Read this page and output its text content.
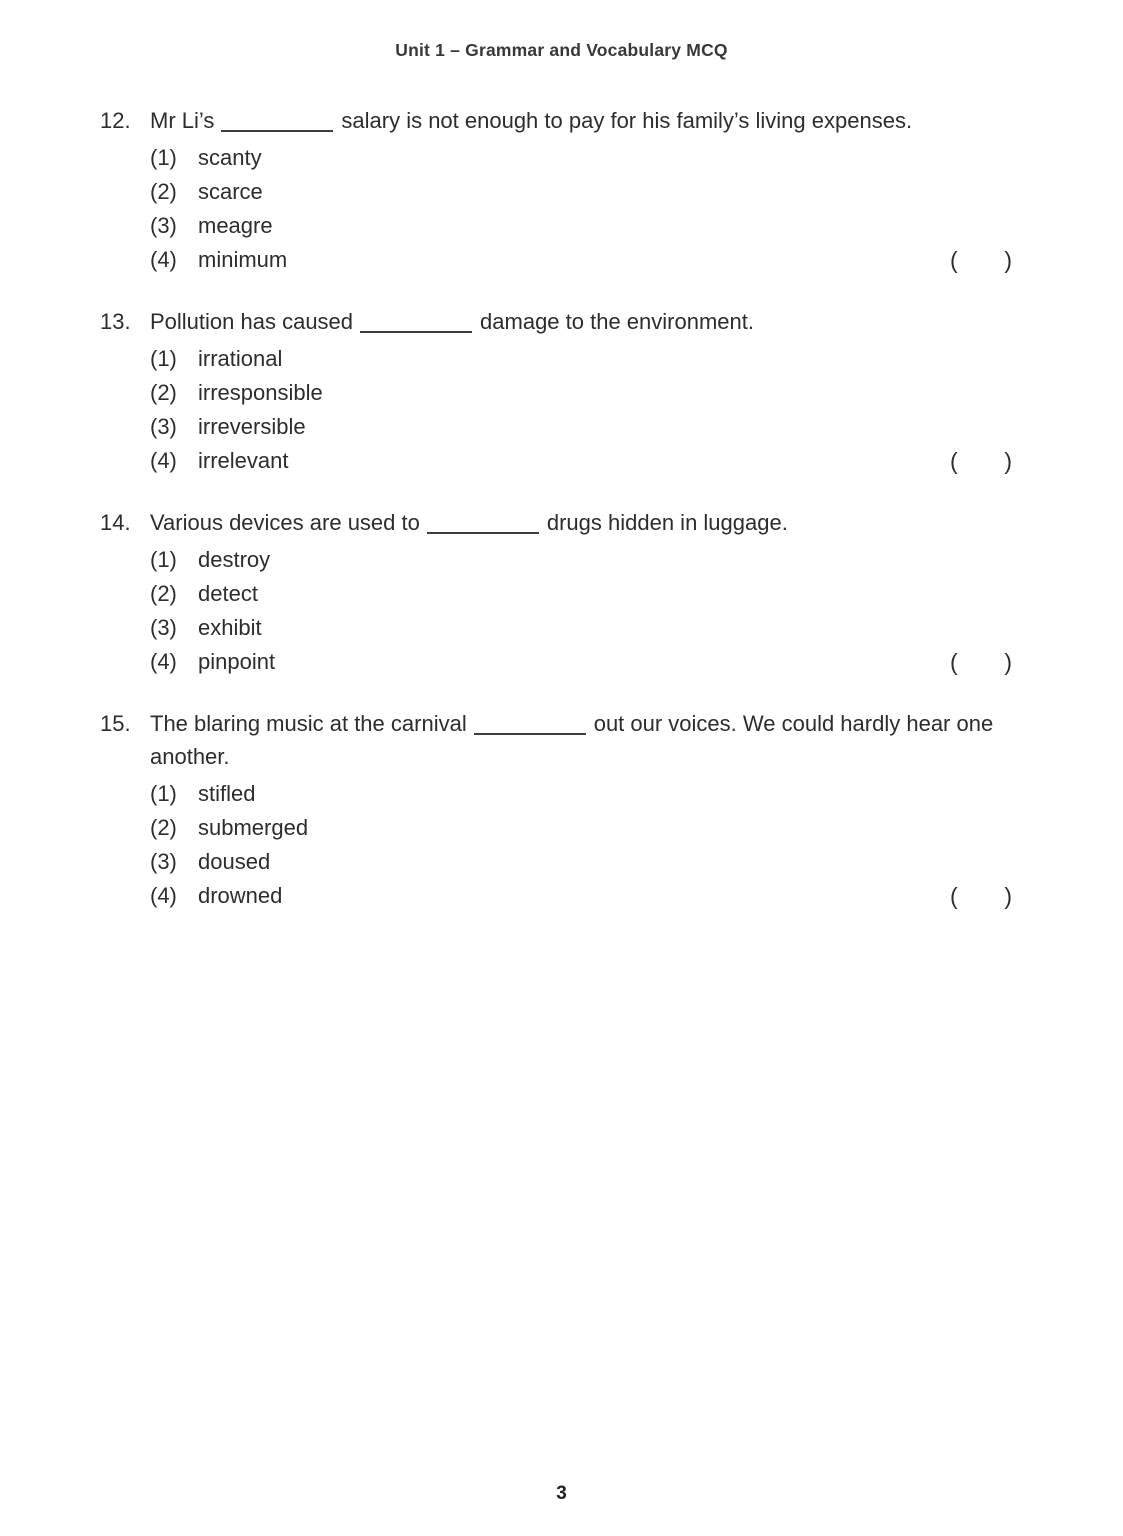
Unit 1 – Grammar and Vocabulary MCQ
12. Mr Li’s	salary is not enough to pay for his family’s living expenses.

(1) scanty
(2) scarce
(3) meagre
(4) minimum	( )
13. Pollution has caused	damage to the environment.

(1) irrational
(2) irresponsible
(3) irreversible
(4) irrelevant	( )
14. Various devices are used to	drugs hidden in luggage.

(1) destroy
(2) detect
(3) exhibit
(4) pinpoint	( )
15. The blaring music at the carnival	out our voices. We could hardly hear one another.

(1) stifled
(2) submerged
(3) doused
(4) drowned	( )
3
